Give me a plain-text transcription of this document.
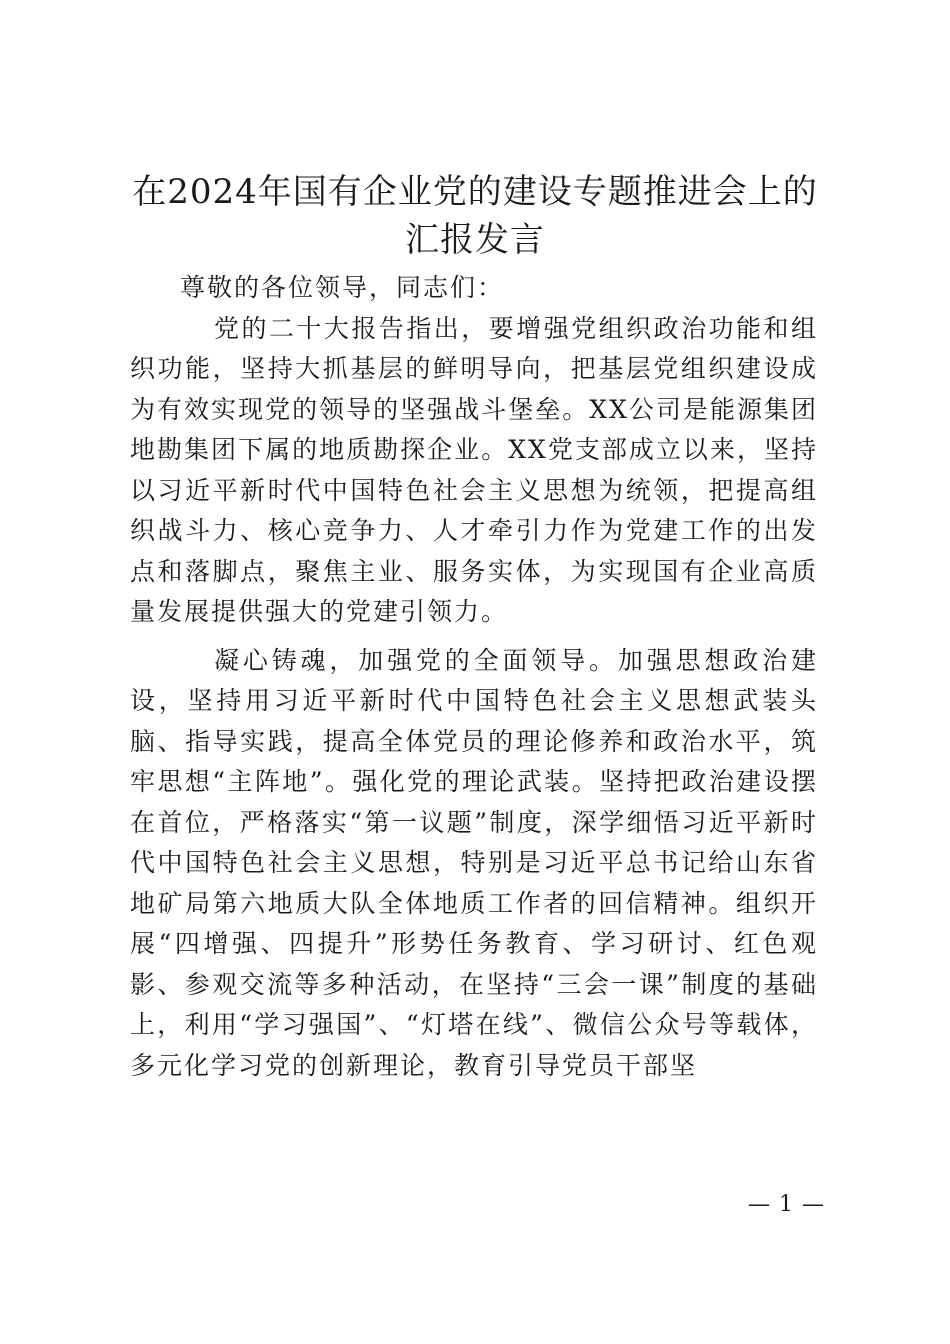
在2024年国有企业党的建设专题推进会上的汇报发言

尊敬的各位领导，同志们：

党的二十大报告指出，要增强党组织政治功能和组织功能，坚持大抓基层的鲜明导向，把基层党组织建设成为有效实现党的领导的坚强战斗堡垒。XX公司是能源集团地勘集团下属的地质勘探企业。XX党支部成立以来，坚持以习近平新时代中国特色社会主义思想为统领，把提高组织战斗力、核心竞争力、人才牵引力作为党建工作的出发点和落脚点，聚焦主业、服务实体，为实现国有企业高质量发展提供强大的党建引领力。

凝心铸魂，加强党的全面领导。加强思想政治建设，坚持用习近平新时代中国特色社会主义思想武装头脑、指导实践，提高全体党员的理论修养和政治水平，筑牢思想“主阵地”。强化党的理论武装。坚持把政治建设摆在首位，严格落实“第一议题”制度，深学细悟习近平新时代中国特色社会主义思想，特别是习近平总书记给山东省地矿局第六地质大队全体地质工作者的回信精神。组织开展“四增强、四提升”形势任务教育、学习研讨、红色观影、参观交流等多种活动，在坚持“三会一课”制度的基础上，利用“学习强国”、“灯塔在线”、微信公众号等载体，多元化学习党的创新理论，教育引导党员干部坚

— 1 —
